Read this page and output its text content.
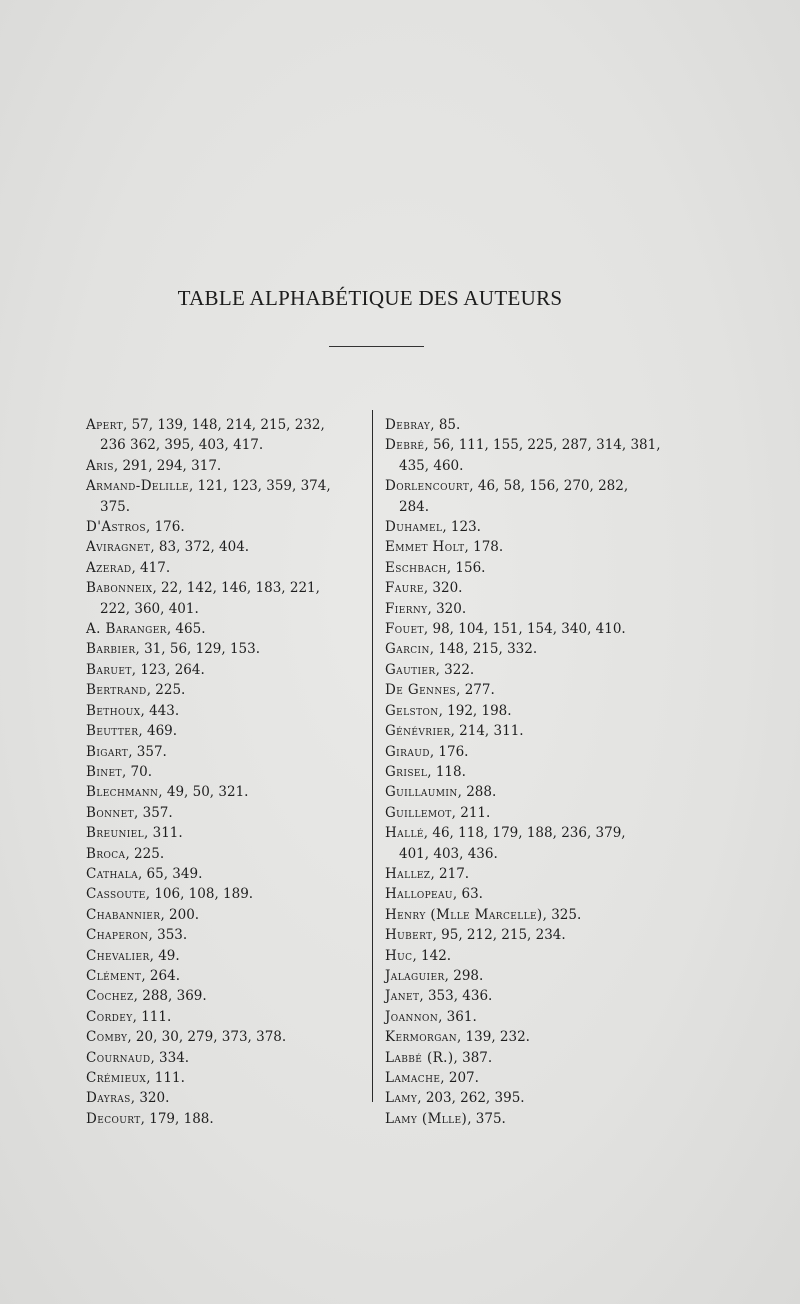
TABLE ALPHABÉTIQUE DES AUTEURS
Apert, 57, 139, 148, 214, 215, 232,
236 362, 395, 403, 417.
Aris, 291, 294, 317.
Armand-Delille, 121, 123, 359, 374,
375.
D'Astros, 176.
Aviragnet, 83, 372, 404.
Azerad, 417.
Babonneix, 22, 142, 146, 183, 221,
222, 360, 401.
A. Baranger, 465.
Barbier, 31, 56, 129, 153.
Baruet, 123, 264.
Bertrand, 225.
Bethoux, 443.
Beutter, 469.
Bigart, 357.
Binet, 70.
Blechmann, 49, 50, 321.
Bonnet, 357.
Breuniel, 311.
Broca, 225.
Cathala, 65, 349.
Cassoute, 106, 108, 189.
Chabannier, 200.
Chaperon, 353.
Chevalier, 49.
Clément, 264.
Cochez, 288, 369.
Cordey, 111.
Comby, 20, 30, 279, 373, 378.
Cournaud, 334.
Crémieux, 111.
Dayras, 320.
Decourt, 179, 188.
Debray, 85.
Debré, 56, 111, 155, 225, 287, 314, 381,
435, 460.
Dorlencourt, 46, 58, 156, 270, 282,
284.
Duhamel, 123.
Emmet Holt, 178.
Eschbach, 156.
Faure, 320.
Fierny, 320.
Fouet, 98, 104, 151, 154, 340, 410.
Garcin, 148, 215, 332.
Gautier, 322.
De Gennes, 277.
Gelston, 192, 198.
Génévrier, 214, 311.
Giraud, 176.
Grisel, 118.
Guillaumin, 288.
Guillemot, 211.
Hallé, 46, 118, 179, 188, 236, 379,
401, 403, 436.
Hallez, 217.
Hallopeau, 63.
Henry (Mlle Marcelle), 325.
Hubert, 95, 212, 215, 234.
Huc, 142.
Jalaguier, 298.
Janet, 353, 436.
Joannon, 361.
Kermorgan, 139, 232.
Labbé (R.), 387.
Lamache, 207.
Lamy, 203, 262, 395.
Lamy (Mlle), 375.
